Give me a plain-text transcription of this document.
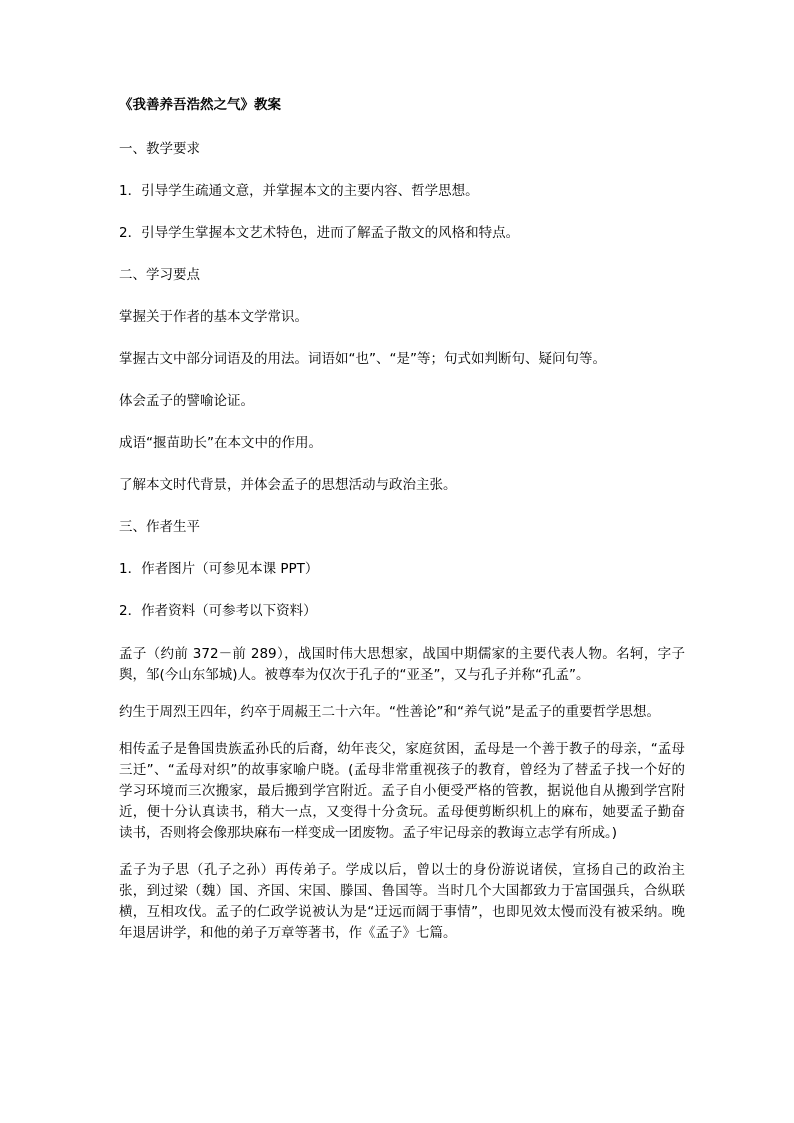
《我善养吾浩然之气》教案
一、教学要求
1．引导学生疏通文意，并掌握本文的主要内容、哲学思想。
2．引导学生掌握本文艺术特色，进而了解孟子散文的风格和特点。
二、学习要点
掌握关于作者的基本文学常识。
掌握古文中部分词语及的用法。词语如“也”、“是”等；句式如判断句、疑问句等。
体会孟子的譬喻论证。
成语“揠苗助长”在本文中的作用。
了解本文时代背景，并体会孟子的思想活动与政治主张。
三、作者生平
1．作者图片（可参见本课 PPT）
2．作者资料（可参考以下资料）
孟子（约前 372－前 289），战国时伟大思想家，战国中期儒家的主要代表人物。名轲，字子舆，邹(今山东邹城)人。被尊奉为仅次于孔子的“亚圣”，又与孔子并称“孔孟”。
约生于周烈王四年，约卒于周赧王二十六年。“性善论”和“养气说”是孟子的重要哲学思想。
相传孟子是鲁国贵族孟孙氏的后裔，幼年丧父，家庭贫困，孟母是一个善于教子的母亲，“孟母三迁”、“孟母对织”的故事家喻户晓。(孟母非常重视孩子的教育，曾经为了替孟子找一个好的学习环境而三次搬家，最后搬到学宫附近。孟子自小便受严格的管教，据说他自从搬到学宫附近，便十分认真读书，稍大一点，又变得十分贪玩。孟母便剪断织机上的麻布，她要孟子勤奋读书，否则将会像那块麻布一样变成一团废物。孟子牢记母亲的教诲立志学有所成。)
孟子为子思（孔子之孙）再传弟子。学成以后，曾以士的身份游说诸侯，宣扬自己的政治主张，到过梁（魏）国、齐国、宋国、滕国、鲁国等。当时几个大国都致力于富国强兵，合纵联横，互相攻伐。孟子的仁政学说被认为是“迂远而阔于事情”，也即见效太慢而没有被采纳。晚年退居讲学，和他的弟子万章等著书，作《孟子》七篇。
